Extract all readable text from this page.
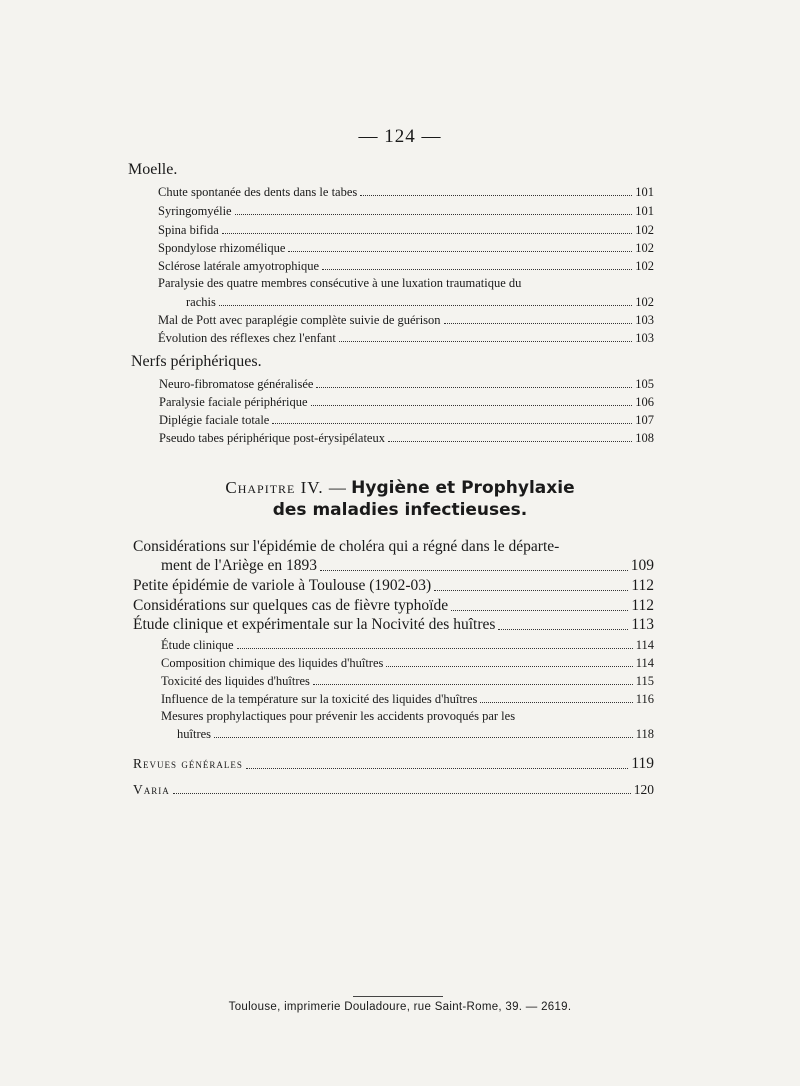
— 124 —
Moelle.
Chute spontanée des dents dans le tabes	101
Syringomyélie	101
Spina bifida	102
Spondylose rhizomélique	102
Sclérose latérale amyotrophique	102
Paralysie des quatre membres consécutive à une luxation traumatique du
rachis	102
Mal de Pott avec paraplégie complète suivie de guérison	103
Évolution des réflexes chez l'enfant	103
Nerfs périphériques.
Neuro-fibromatose généralisée	105
Paralysie faciale périphérique	106
Diplégie faciale totale	107
Pseudo tabes périphérique post-érysipélateux	108
Chapitre IV. — Hygiène et Prophylaxie
des maladies infectieuses.
Considérations sur l'épidémie de choléra qui a régné dans le départe-
ment de l'Ariège en 1893	109
Petite épidémie de variole à Toulouse (1902-03)	112
Considérations sur quelques cas de fièvre typhoïde	112
Étude clinique et expérimentale sur la Nocivité des huîtres	113
Étude clinique	114
Composition chimique des liquides d'huîtres	114
Toxicité des liquides d'huîtres	115
Influence de la température sur la toxicité des liquides d'huîtres	116
Mesures prophylactiques pour prévenir les accidents provoqués par les
huîtres	118
Revues générales	119
Varia	120
Toulouse, imprimerie Douladoure, rue Saint-Rome, 39. — 2619.
